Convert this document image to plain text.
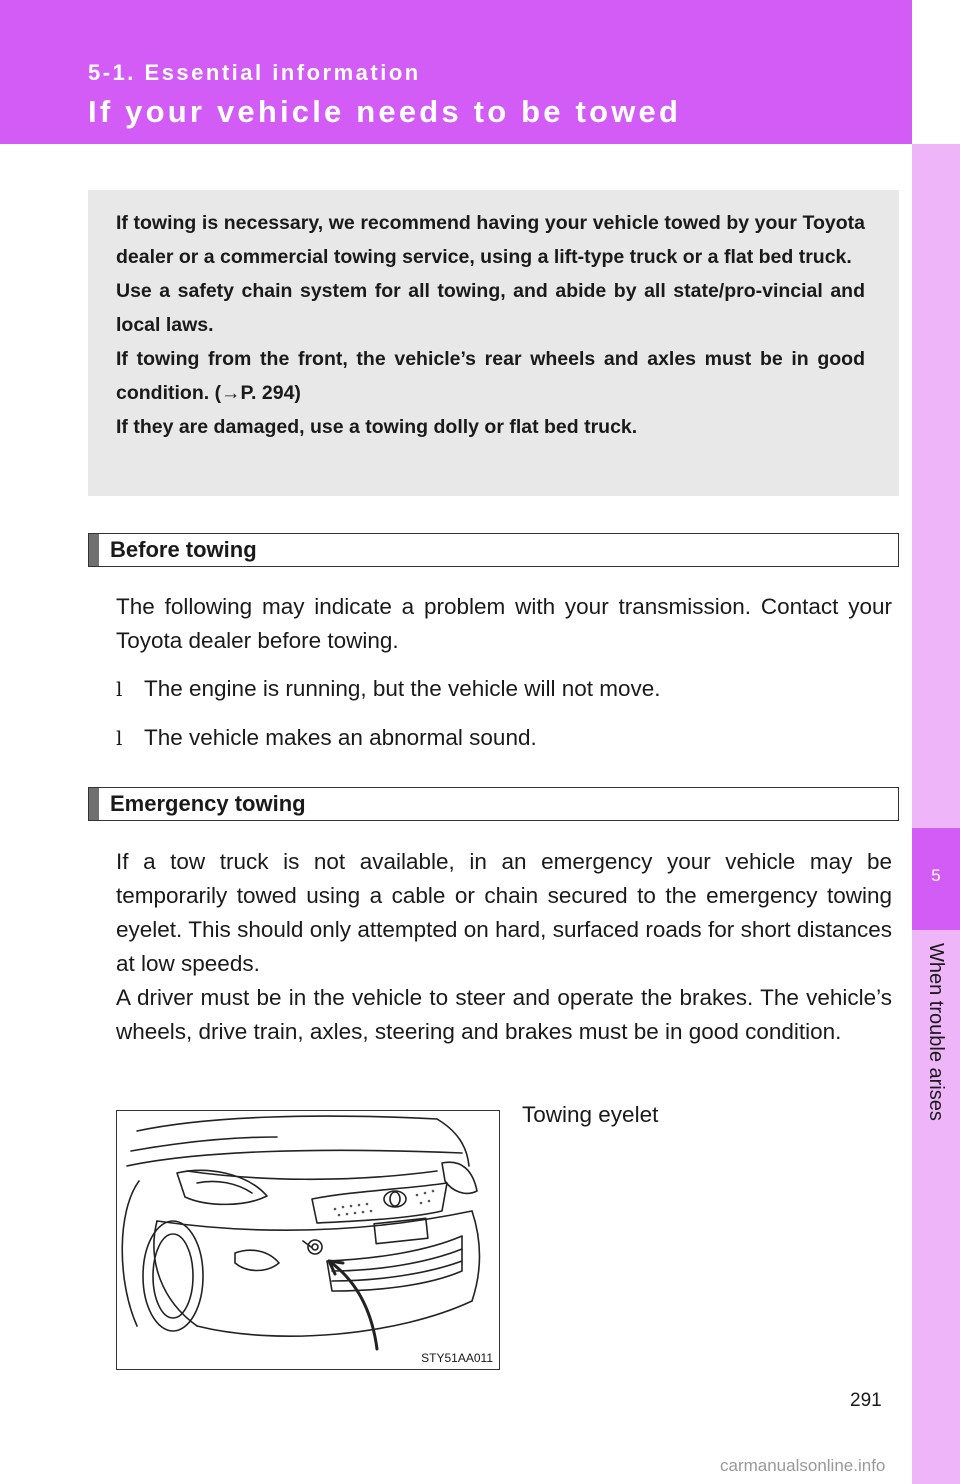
5-1. Essential information
If your vehicle needs to be towed
5
When trouble arises

If towing is necessary, we recommend having your vehicle towed by your Toyota dealer or a commercial towing service, using a lift-type truck or a flat bed truck.

Use a safety chain system for all towing, and abide by all state/pro-vincial and local laws.

If towing from the front, the vehicle’s rear wheels and axles must be in good condition. (→P. 294)

If they are damaged, use a towing dolly or flat bed truck.

Before towing

The following may indicate a problem with your transmission. Contact your Toyota dealer before towing.

l The engine is running, but the vehicle will not move.
l The vehicle makes an abnormal sound.
Emergency towing

If a tow truck is not available, in an emergency your vehicle may be temporarily towed using a cable or chain secured to the emergency towing eyelet. This should only attempted on hard, surfaced roads for short distances at low speeds.

A driver must be in the vehicle to steer and operate the brakes. The vehicle’s wheels, drive train, axles, steering and brakes must be in good condition.

STY51AA011
Towing eyelet
291
carmanualsonline.info
